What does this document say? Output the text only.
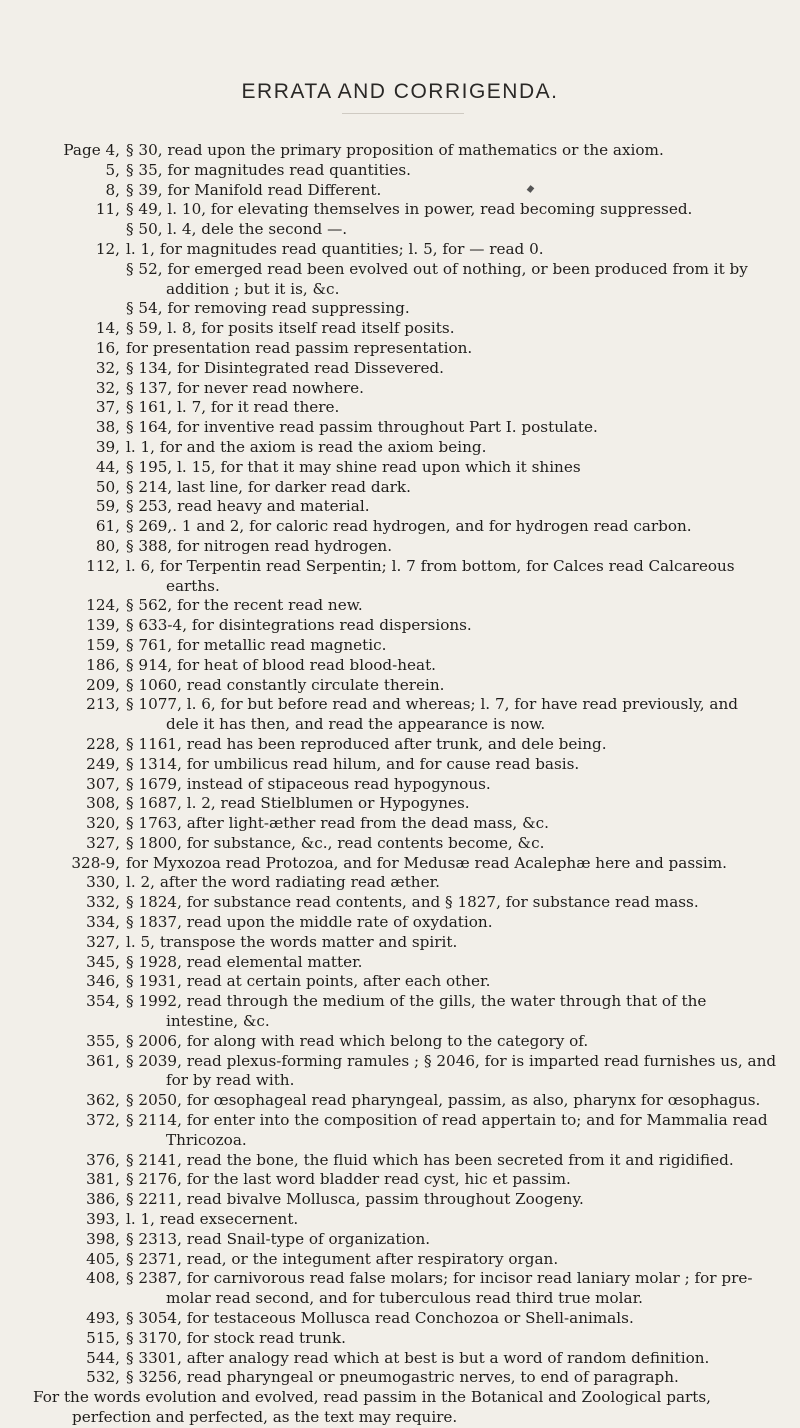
ERRATA AND CORRIGENDA.
Page 4, § 30, read upon the primary proposition of mathematics or the axiom.
5, § 35, for magnitudes read quantities.
8, § 39, for Manifold read Different.
11, § 49, l. 10, for elevating themselves in power, read becoming suppressed.
§ 50, l. 4, dele the second —.
12, l. 1, for magnitudes read quantities; l. 5, for — read 0.
§ 52, for emerged read been evolved out of nothing, or been produced from it by
addition ; but it is, &c.
§ 54, for removing read suppressing.
14, § 59, l. 8, for posits itself read itself posits.
16, for presentation read passim representation.
32, § 134, for Disintegrated read Dissevered.
32, § 137, for never read nowhere.
37, § 161, l. 7, for it read there.
38, § 164, for inventive read passim throughout Part I. postulate.
39, l. 1, for and the axiom is read the axiom being.
44, § 195, l. 15, for that it may shine read upon which it shines
50, § 214, last line, for darker read dark.
59, § 253, read heavy and material.
61, § 269,. 1 and 2, for caloric read hydrogen, and for hydrogen read carbon.
80, § 388, for nitrogen read hydrogen.
112, l. 6, for Terpentin read Serpentin; l. 7 from bottom, for Calces read Calcareous
earths.
124, § 562, for the recent read new.
139, § 633-4, for disintegrations read dispersions.
159, § 761, for metallic read magnetic.
186, § 914, for heat of blood read blood-heat.
209, § 1060, read constantly circulate therein.
213, § 1077, l. 6, for but before read and whereas; l. 7, for have read previously, and
dele it has then, and read the appearance is now.
228, § 1161, read has been reproduced after trunk, and dele being.
249, § 1314, for umbilicus read hilum, and for cause read basis.
307, § 1679, instead of stipaceous read hypogynous.
308, § 1687, l. 2, read Stielblumen or Hypogynes.
320, § 1763, after light-æther read from the dead mass, &c.
327, § 1800, for substance, &c., read contents become, &c.
328-9, for Myxozoa read Protozoa, and for Medusæ read Acalephæ here and passim.
330, l. 2, after the word radiating read æther.
332, § 1824, for substance read contents, and § 1827, for substance read mass.
334, § 1837, read upon the middle rate of oxydation.
327, l. 5, transpose the words matter and spirit.
345, § 1928, read elemental matter.
346, § 1931, read at certain points, after each other.
354, § 1992, read through the medium of the gills, the water through that of the
intestine, &c.
355, § 2006, for along with read which belong to the category of.
361, § 2039, read plexus-forming ramules ; § 2046, for is imparted read furnishes us, and
for by read with.
362, § 2050, for œsophageal read pharyngeal, passim, as also, pharynx for œsophagus.
372, § 2114, for enter into the composition of read appertain to; and for Mammalia read
Thricozoa.
376, § 2141, read the bone, the fluid which has been secreted from it and rigidified.
381, § 2176, for the last word bladder read cyst, hic et passim.
386, § 2211, read bivalve Mollusca, passim throughout Zoogeny.
393, l. 1, read exsecernent.
398, § 2313, read Snail-type of organization.
405, § 2371, read, or the integument after respiratory organ.
408, § 2387, for carnivorous read false molars; for incisor read laniary molar ; for pre-
molar read second, and for tuberculous read third true molar.
493, § 3054, for testaceous Mollusca read Conchozoa or Shell-animals.
515, § 3170, for stock read trunk.
544, § 3301, after analogy read which at best is but a word of random definition.
532, § 3256, read pharyngeal or pneumogastric nerves, to end of paragraph.
For the words evolution and evolved, read passim in the Botanical and Zoological parts,
perfection and perfected, as the text may require.
